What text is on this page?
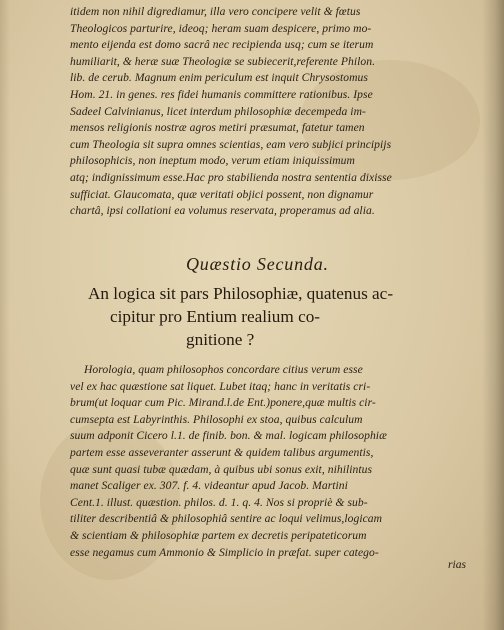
itidem non nihil digrediamur, illa vero concipere velit & fœtus
Theologicos parturire, ideoq; heram suam despicere, primo mo-
mento eijenda est domo sacrâ nec recipienda usq; cum se iterum
humiliarit, & heræ suæ Theologiæ se subiecerit,referente Philon.
lib. de cerub. Magnum enim periculum est inquit Chrysostomus
Hom. 21. in genes. res fidei humanis committere rationibus. Ipse
Sadeel Calvinianus, licet interdum philosophiæ decempeda im-
mensos religionis nostræ agros metiri præsumat, fatetur tamen
cum Theologia sit supra omnes scientias, eam vero subjici principijs
philosophicis, non ineptum modo, verum etiam iniquissimum
atq; indignissimum esse.Hac pro stabilienda nostra sententia dixisse
sufficiat. Glaucomata, quæ veritati objici possent, non dignamur
chartâ, ipsi collationi ea volumus reservata, properamus ad alia.
Quæstio Secunda.
An logica sit pars Philosophiæ, quatenus ac-
cipitur pro Entium realium co-
gnitione ?
Horologia, quam philosophos concordare citius verum esse
vel ex hac quæstione sat liquet. Lubet itaq; hanc in veritatis cri-
brum(ut loquar cum Pic. Mirand.l.de Ent.)ponere,quæ multis cir-
cumsepta est Labyrinthis. Philosophi ex stoa, quibus calculum
suum adponit Cicero l.1. de finib. bon. & mal. logicam philosophiæ
partem esse asseveranter asserunt & quidem talibus argumentis,
quæ sunt quasi tubæ quædam, à quibus ubi sonus exit, nihilintus
manet Scaliger ex. 307. f. 4. videantur apud Jacob. Martini
Cent.1. illust. quæstion. philos. d. 1. q. 4. Nos si propriè & sub-
tiliter describentiâ & philosophiâ sentire ac loqui velimus,logicam
& scientiam & philosophiæ partem ex decretis peripateticorum
esse negamus cum Ammonio & Simplicio in præfat. super catego-
rias
